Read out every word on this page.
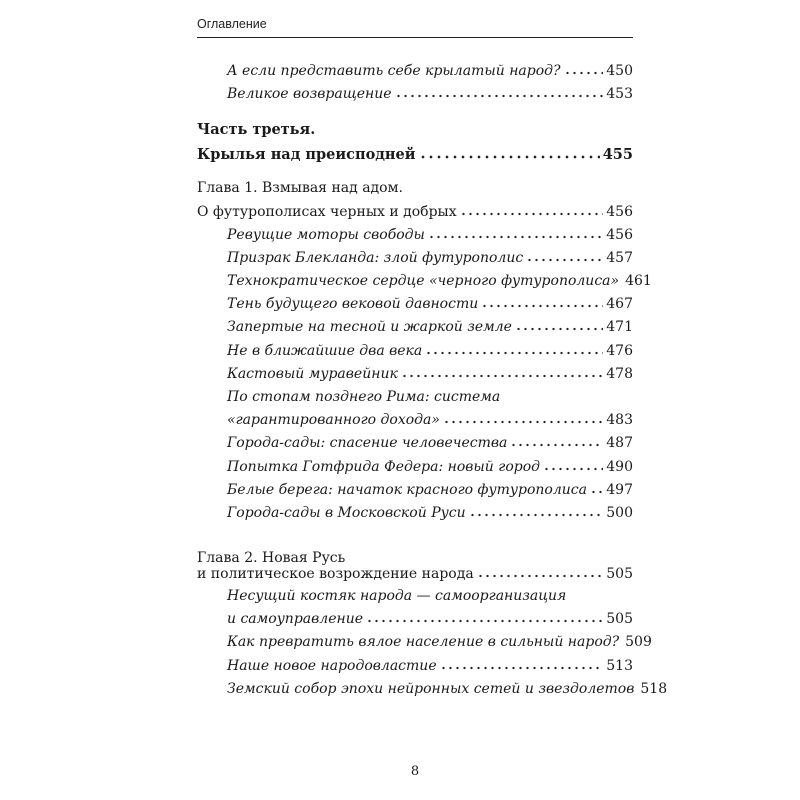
Оглавление
А если представить себе крылатый народ?	450
Великое возвращение	453
Часть третья.
Крылья над преисподней	455
Глава 1. Взмывая над адом.
О футурополисах черных и добрых	456
Ревущие моторы свободы	456
Призрак Блекланда: злой футурополис	457
Технократическое сердце «черного футурополиса» 461
Тень будущего вековой давности	467
Запертые на тесной и жаркой земле	471
Не в ближайшие два века	476
Кастовый муравейник	478
По стопам позднего Рима: система
«гарантированного дохода»	483
Города-сады: спасение человечества	487
Попытка Готфрида Федера: новый город	490
Белые берега: начаток красного футурополиса 497
Города-сады в Московской Руси	500
Глава 2. Новая Русь
и политическое возрождение народа	505
Несущий костяк народа — самоорганизация
и самоуправление	505
Как превратить вялое население в сильный народ? 509
Наше новое народовластие	513
Земский собор эпохи нейронных сетей и звездолетов 518
8
